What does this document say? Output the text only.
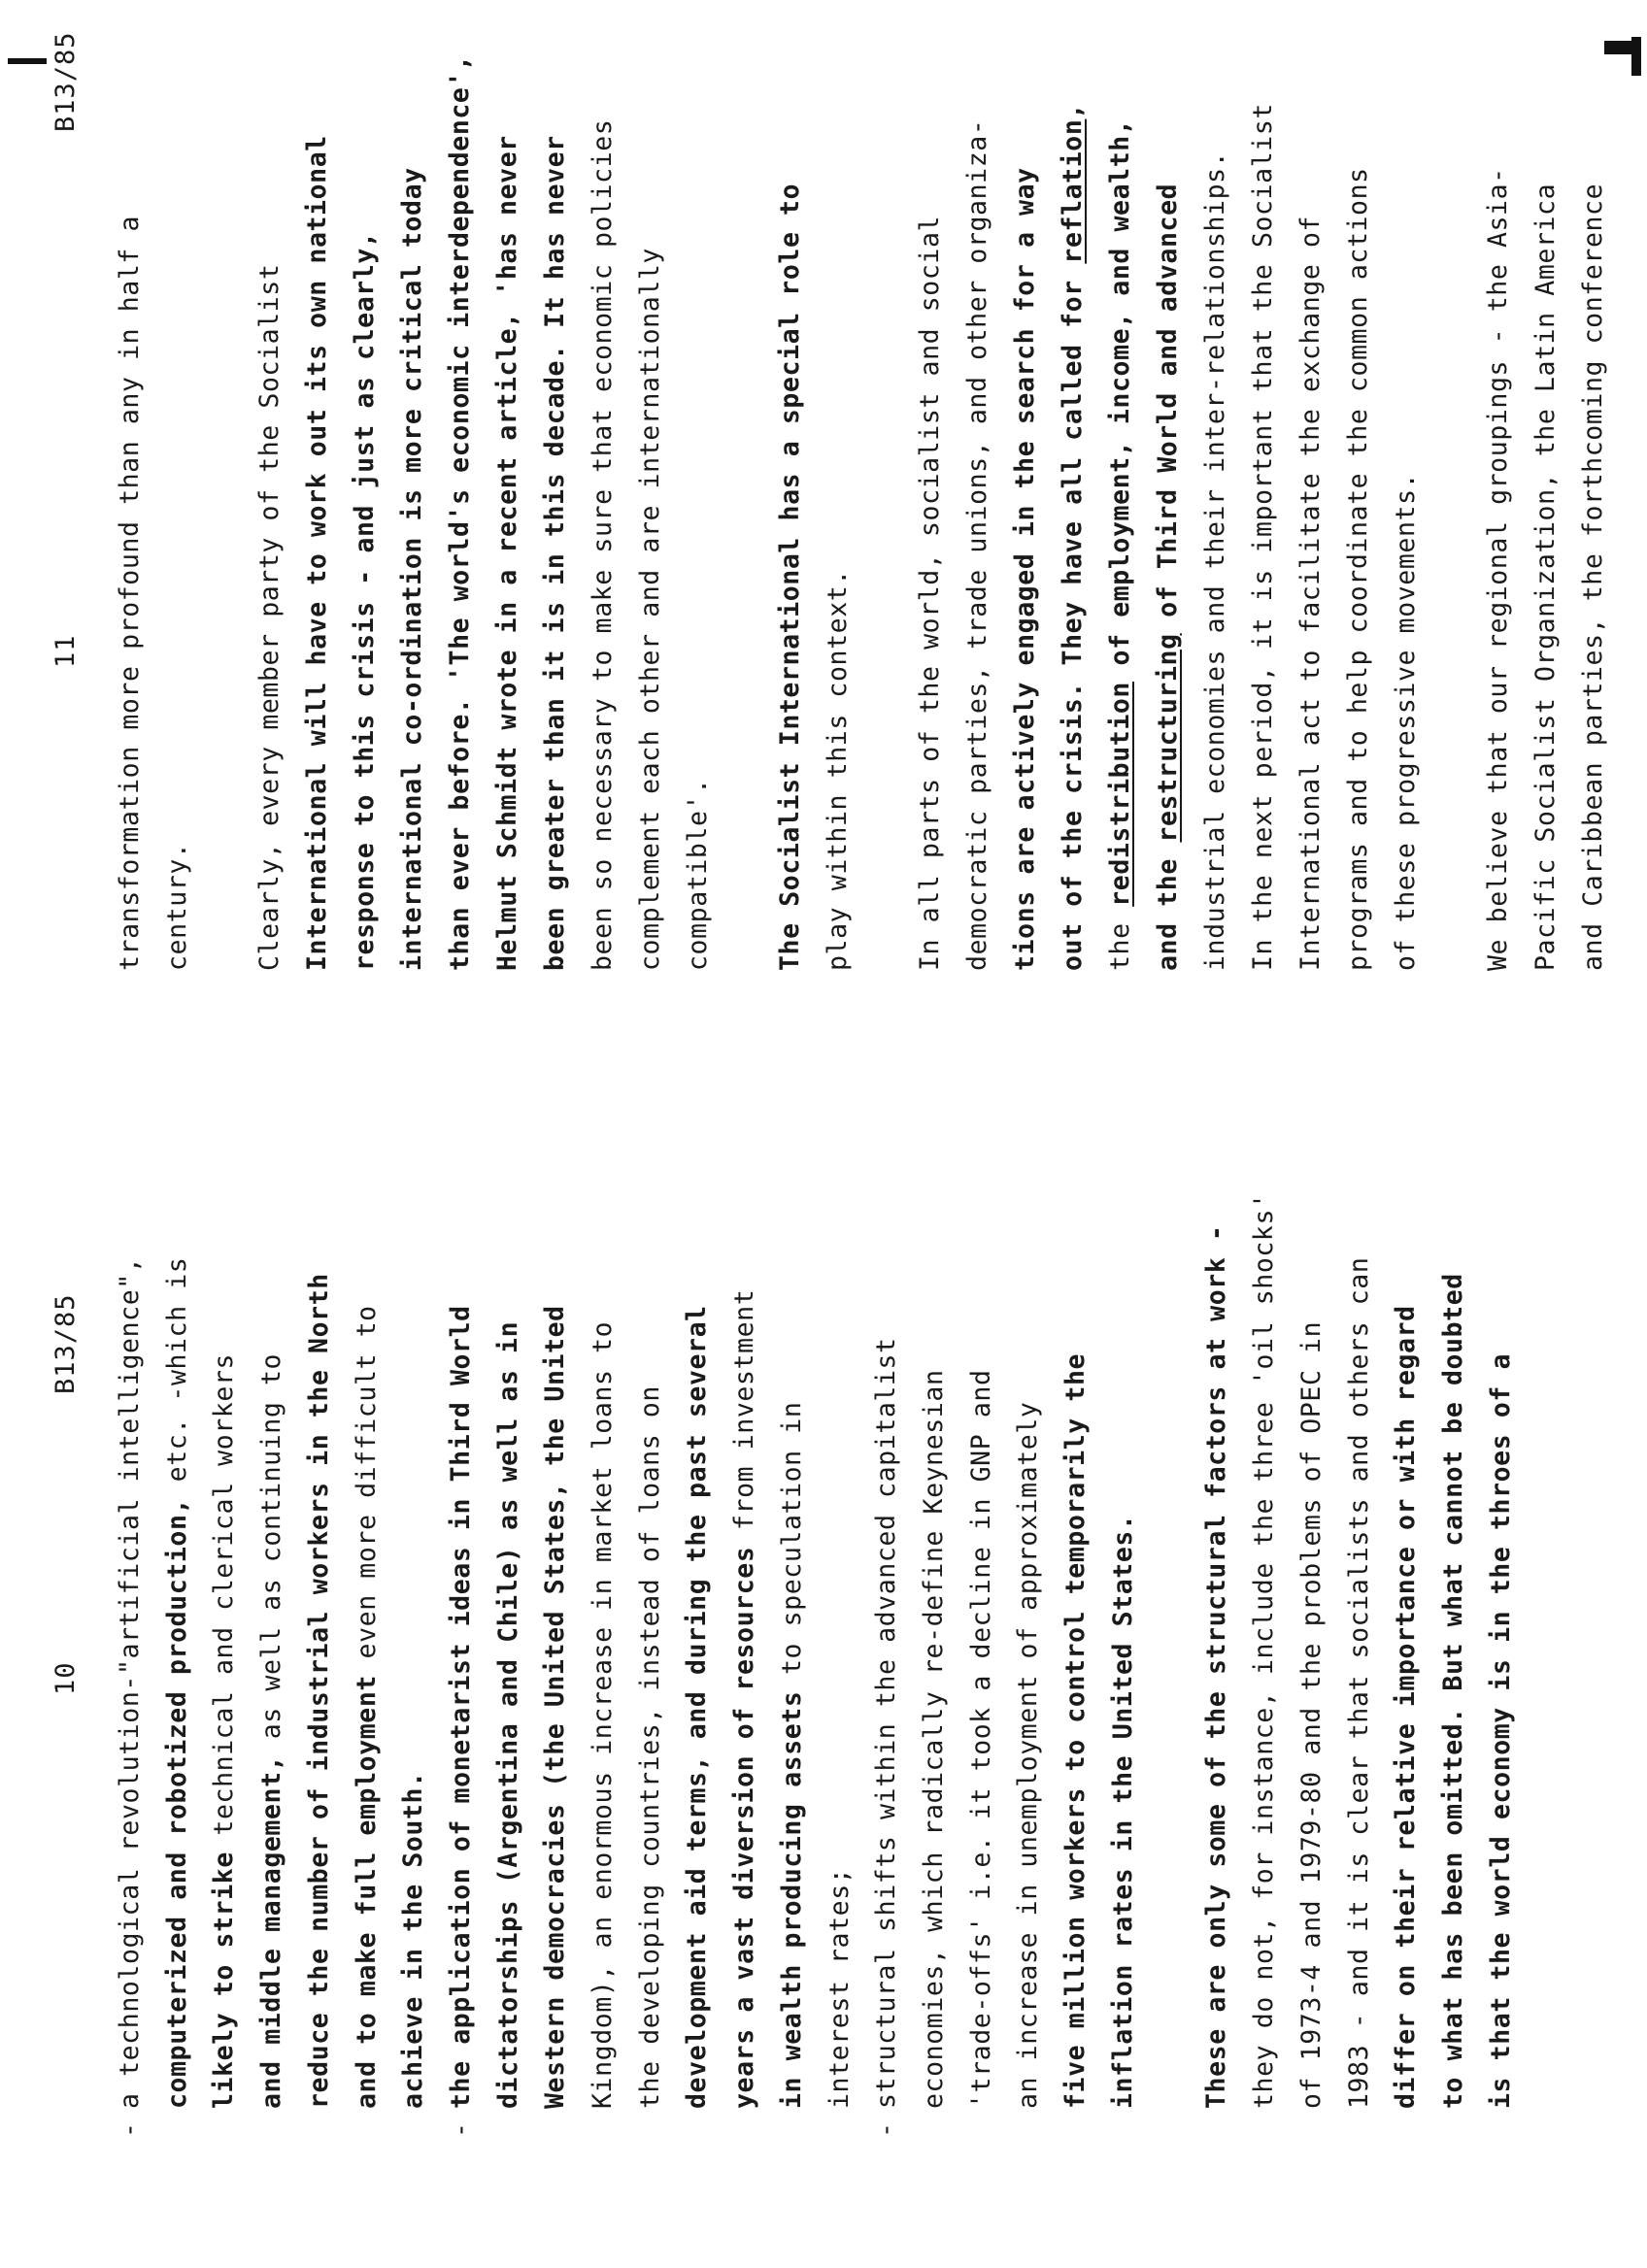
10
B13/85
-
a technological revolution-"artificial intelligence", computerized and robotized production, etc. -which is
likely to strike technical and clerical workers
and middle management, as well as continuing to reduce the number of industrial workers in the North and to make full employment even more difficult to
achieve in the South.
-
the application of monetarist ideas in Third World dictatorships (Argentina and Chile) as well as in Western democracies (the United States, the United Kingdom), an enormous increase in market loans to the developing countries, instead of loans on development aid terms, and during the past several years a vast diversion of resources from investment
in wealth producing assets to speculation in
interest rates;
-
structural shifts within the advanced capitalist economies, which radically re-define Keynesian 'trade-offs' i.e. it took a decline in GNP and an increase in unemployment of approximately five million workers to control temporarily the inflation rates in the United States. These are only some of the structural factors at work - they do not, for instance, include the three 'oil shocks' of 1973-4 and 1979-80 and the problems of OPEC in 1983 - and it is clear that socialists and others can differ on their relative importance or with regard to what has been omitted. But what cannot be doubted is that the world economy is in the throes of a
11
B13/85
transformation more profound than any in half a century. Clearly, every member party of the Socialist International will have to work out its own national response to this crisis - and just as clearly, international co-ordination is more critical today than ever before. 'The world's economic interdependence', Helmut Schmidt wrote in a recent article, 'has never been greater than it is in this decade. It has never been so necessary to make sure that economic policies complement each other and are internationally compatible'. The Socialist International has a special role to play within this context. In all parts of the world, socialist and social democratic parties, trade unions, and other organiza- tions are actively engaged in the search for a way out of the crisis. They have all called for reflation,
the redistribution of employment, income, and wealth,
and the restructuring of Third World and advanced industrial economies and their inter-relationships. In the next period, it is important that the Socialist International act to facilitate the exchange of programs and to help coordinate the common actions of these progressive movements. We believe that our regional groupings - the Asia- Pacific Socialist Organization, the Latin America and Caribbean parties, the forthcoming conference
